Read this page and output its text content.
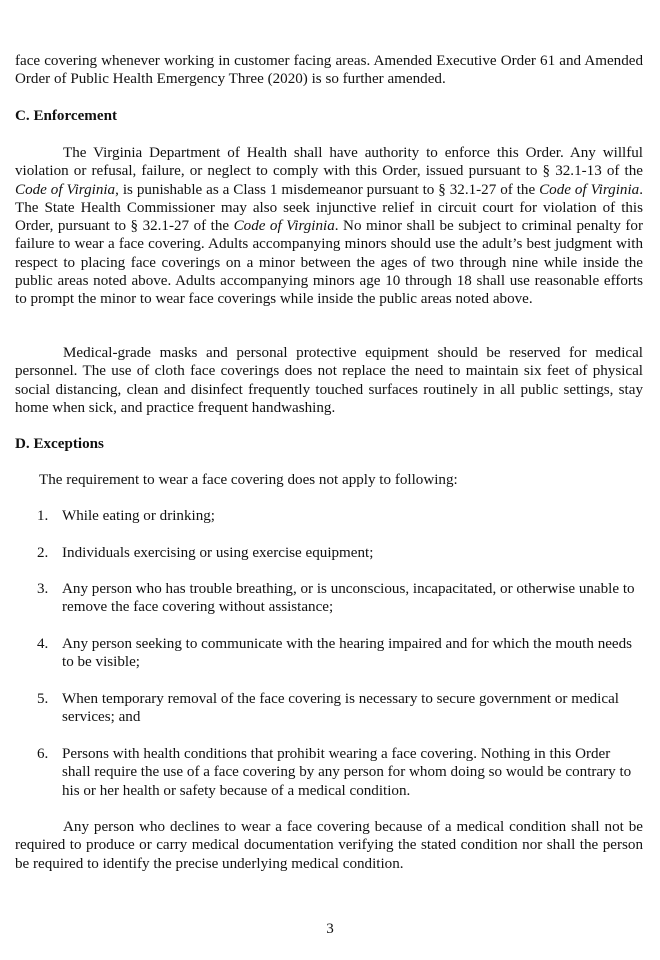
face covering whenever working in customer facing areas. Amended Executive Order 61 and Amended Order of Public Health Emergency Three (2020) is so further amended.

C. Enforcement

The Virginia Department of Health shall have authority to enforce this Order. Any willful violation or refusal, failure, or neglect to comply with this Order, issued pursuant to § 32.1-13 of the Code of Virginia, is punishable as a Class 1 misdemeanor pursuant to § 32.1-27 of the Code of Virginia. The State Health Commissioner may also seek injunctive relief in circuit court for violation of this Order, pursuant to § 32.1-27 of the Code of Virginia. No minor shall be subject to criminal penalty for failure to wear a face covering. Adults accompanying minors should use the adult’s best judgment with respect to placing face coverings on a minor between the ages of two through nine while inside the public areas noted above. Adults accompanying minors age 10 through 18 shall use reasonable efforts to prompt the minor to wear face coverings while inside the public areas noted above.

Medical-grade masks and personal protective equipment should be reserved for medical personnel. The use of cloth face coverings does not replace the need to maintain six feet of physical social distancing, clean and disinfect frequently touched surfaces routinely in all public settings, stay home when sick, and practice frequent handwashing.

D. Exceptions

The requirement to wear a face covering does not apply to following:

1. While eating or drinking;
2. Individuals exercising or using exercise equipment;
3. Any person who has trouble breathing, or is unconscious, incapacitated, or otherwise unable to remove the face covering without assistance;
4. Any person seeking to communicate with the hearing impaired and for which the mouth needs to be visible;
5. When temporary removal of the face covering is necessary to secure government or medical services; and
6. Persons with health conditions that prohibit wearing a face covering. Nothing in this Order shall require the use of a face covering by any person for whom doing so would be contrary to his or her health or safety because of a medical condition.

Any person who declines to wear a face covering because of a medical condition shall not be required to produce or carry medical documentation verifying the stated condition nor shall the person be required to identify the precise underlying medical condition.

3
